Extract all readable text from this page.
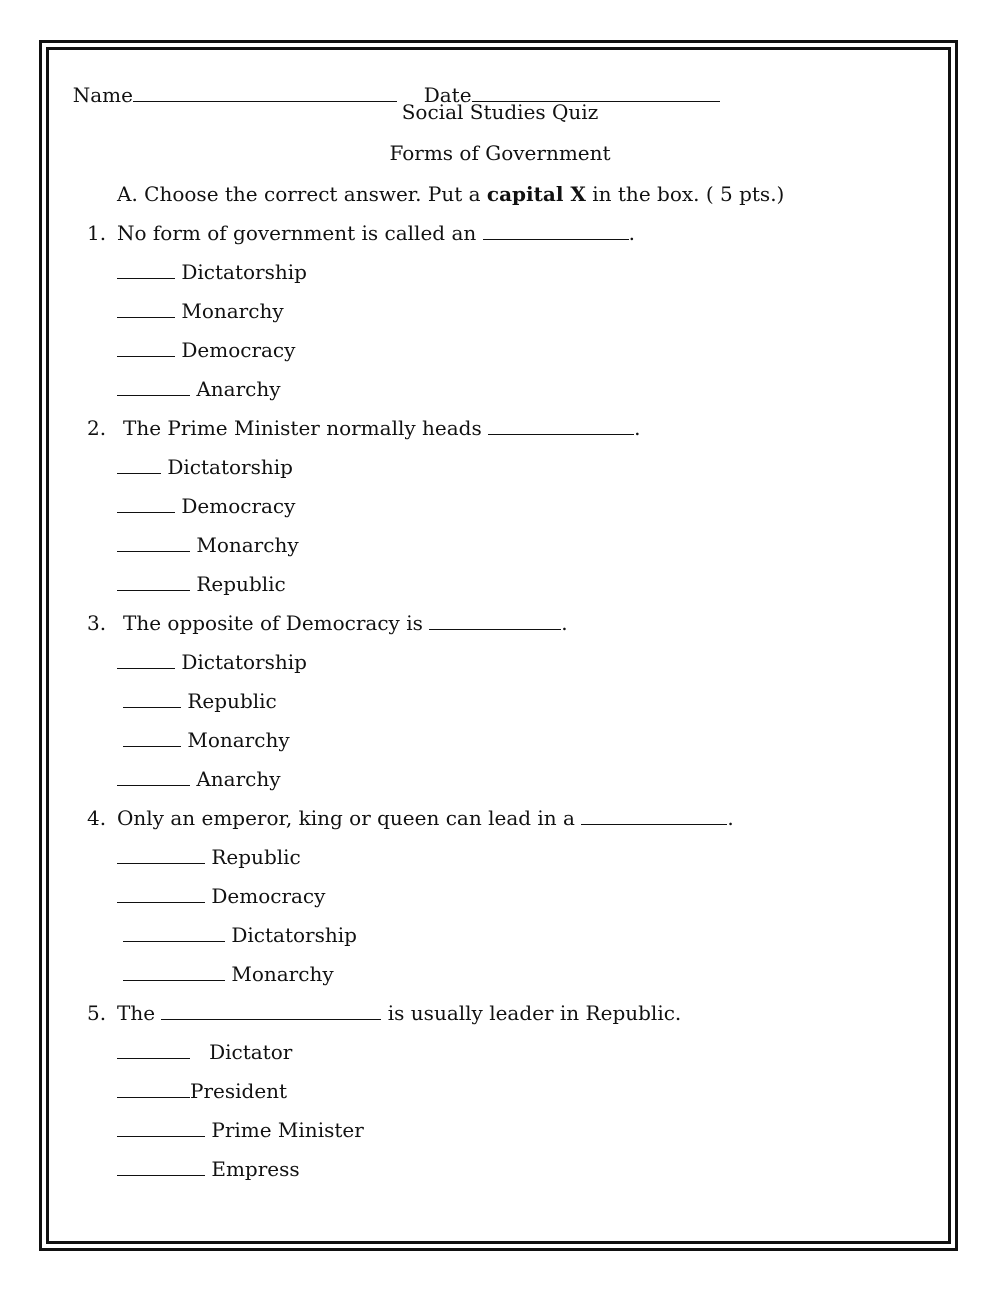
Name	Date

Social Studies Quiz
Forms of Government
A. Choose the correct answer. Put a capital X in the box. ( 5 pts.)
1. No form of government is called an	.
Dictatorship
Monarchy
Democracy
Anarchy
2. The Prime Minister normally heads	.
Dictatorship
Democracy
Monarchy
Republic
3. The opposite of Democracy is	.
Dictatorship
Republic
Monarchy
Anarchy
4. Only an emperor, king or queen can lead in a	.
Republic
Democracy
Dictatorship
Monarchy
5. The	is usually leader in Republic.
Dictator
President
Prime Minister
Empress
